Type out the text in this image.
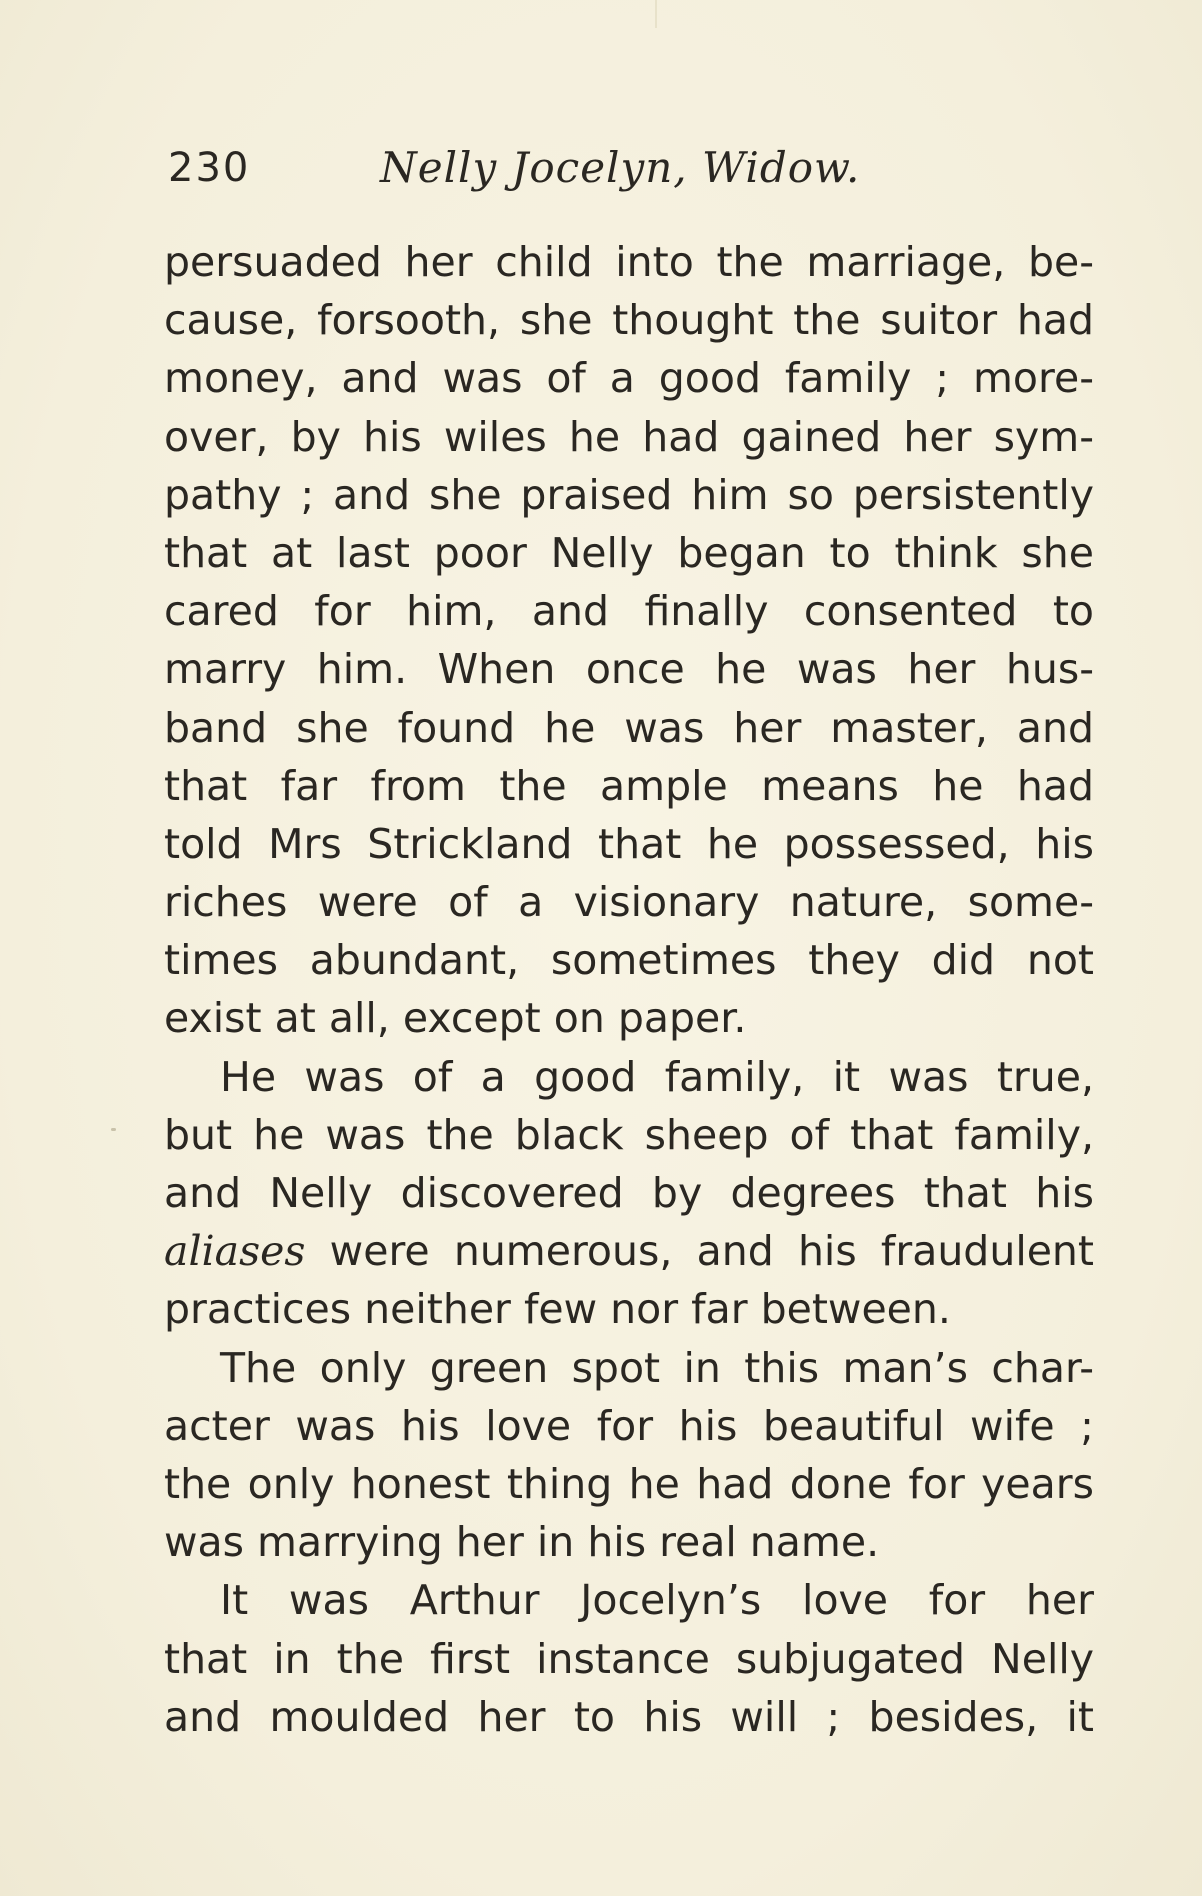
230	Nelly Jocelyn, Widow.
persuaded her child into the marriage, be-
cause, forsooth, she thought the suitor had
money, and was of a good family ; more-
over, by his wiles he had gained her sym-
pathy ; and she praised him so persistently
that at last poor Nelly began to think she
cared for him, and finally consented to
marry him. When once he was her hus-
band she found he was her master, and
that far from the ample means he had
told Mrs Strickland that he possessed, his
riches were of a visionary nature, some-
times abundant, sometimes they did not
exist at all, except on paper.
He was of a good family, it was true,
but he was the black sheep of that family,
and Nelly discovered by degrees that his
aliases were numerous, and his fraudulent
practices neither few nor far between.
The only green spot in this man’s char-
acter was his love for his beautiful wife ;
the only honest thing he had done for years
was marrying her in his real name.
It was Arthur Jocelyn’s love for her
that in the first instance subjugated Nelly
and moulded her to his will ; besides, it
